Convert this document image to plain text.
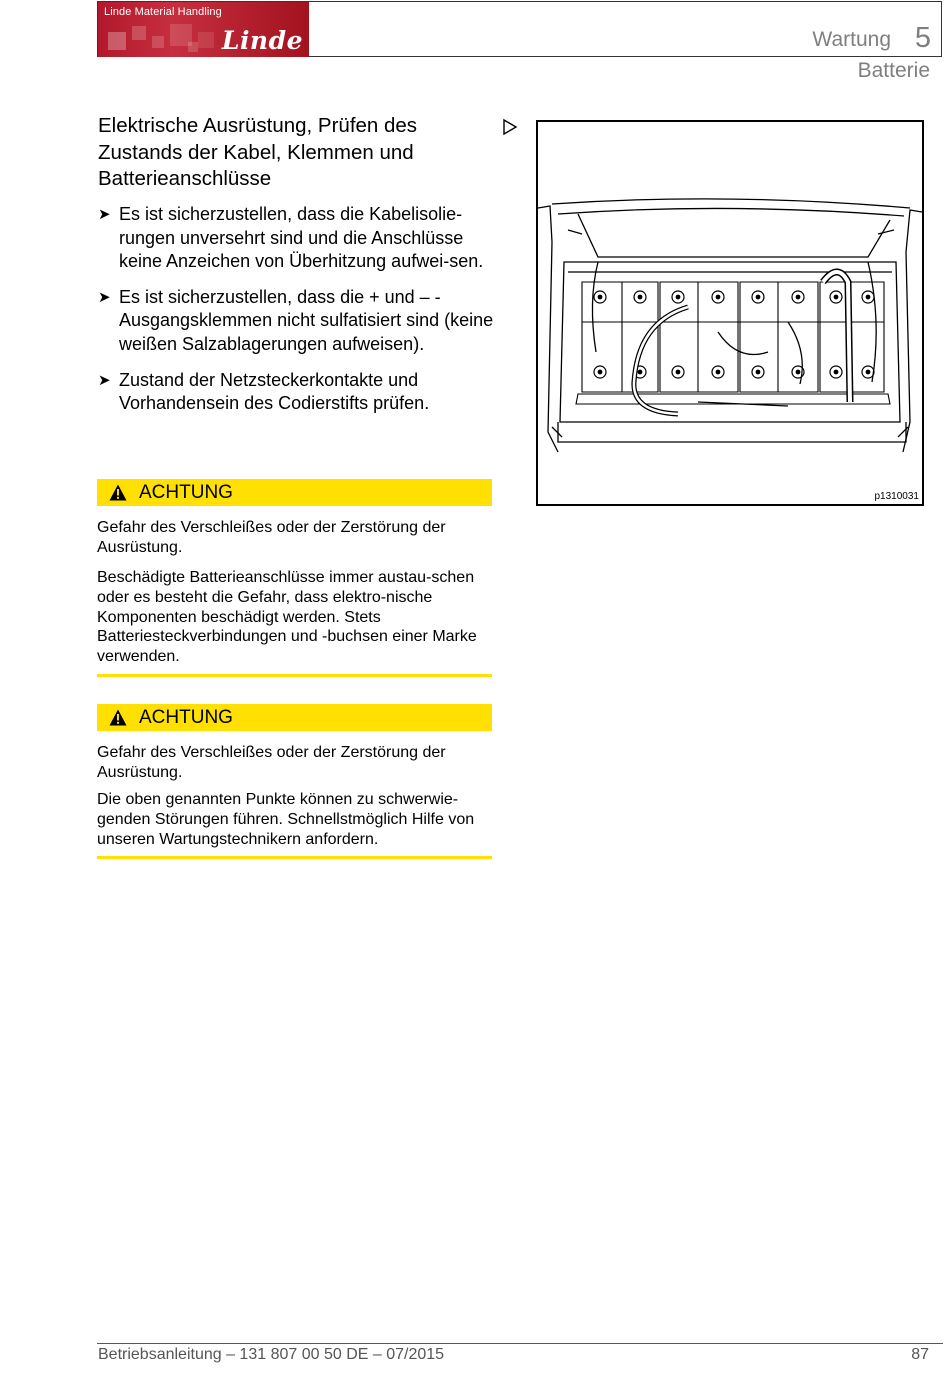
Linde Material Handling
Linde	Wartung 5
Batterie
Elektrische Ausrüstung, Prüfen des Zustands der Kabel, Klemmen und Batterieanschlüsse
➤ Es ist sicherzustellen, dass die Kabelisolie-rungen unversehrt sind und die Anschlüsse keine Anzeichen von Überhitzung aufwei-sen.
➤ Es ist sicherzustellen, dass die + und – -Ausgangsklemmen nicht sulfatisiert sind (keine weißen Salzablagerungen aufweisen).
➤ Zustand der Netzsteckerkontakte und Vorhandensein des Codierstifts prüfen.
ACHTUNG

Gefahr des Verschleißes oder der Zerstörung der Ausrüstung.

Beschädigte Batterieanschlüsse immer austau-schen oder es besteht die Gefahr, dass elektro-nische Komponenten beschädigt werden. Stets Batteriesteckverbindungen und -buchsen einer Marke verwenden.

ACHTUNG

Gefahr des Verschleißes oder der Zerstörung der Ausrüstung.

Die oben genannten Punkte können zu schwerwie-genden Störungen führen. Schnellstmöglich Hilfe von unseren Wartungstechnikern anfordern.

p1310031
Betriebsanleitung – 131 807 00 50 DE – 07/2015	87
